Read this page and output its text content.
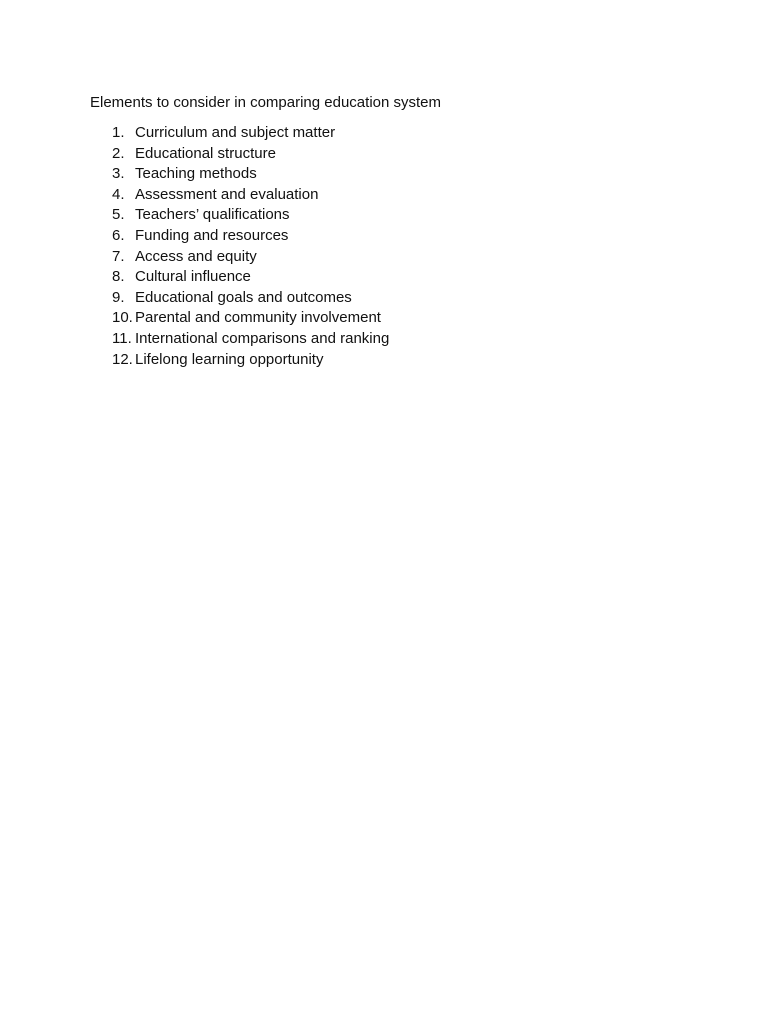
Elements to consider in comparing education system
1. Curriculum and subject matter
2. Educational structure
3. Teaching methods
4. Assessment and evaluation
5. Teachers’ qualifications
6. Funding and resources
7. Access and equity
8. Cultural influence
9. Educational goals and outcomes
10. Parental and community involvement
11. International comparisons and ranking
12. Lifelong learning opportunity
